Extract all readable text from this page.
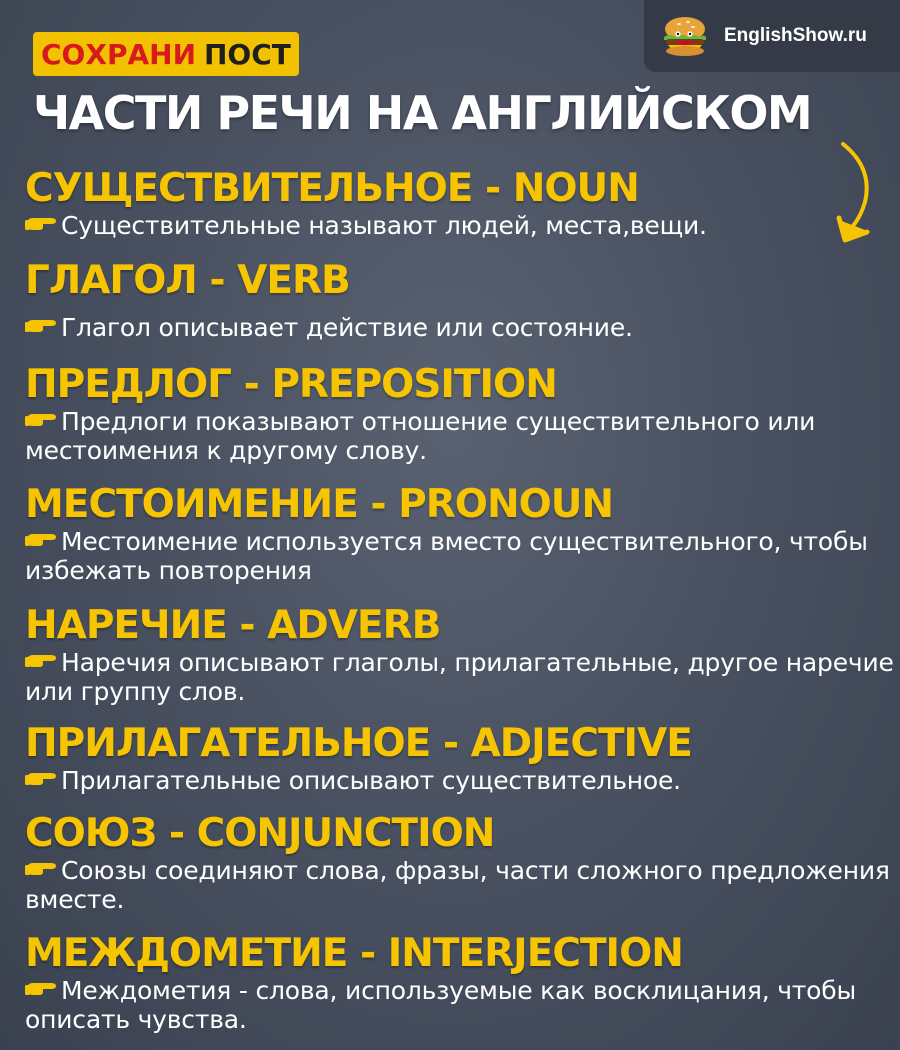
СОХРАНИ ПОСТ
EnglishShow.ru
ЧАСТИ РЕЧИ НА АНГЛИЙСКОМ
СУЩЕСТВИТЕЛЬНОЕ - NOUN
Существительные называют людей, места,вещи.
ГЛАГОЛ - VERB
Глагол описывает действие или состояние.
ПРЕДЛОГ - PREPOSITION
Предлоги показывают отношение существительного или местоимения к другому слову.
МЕСТОИМЕНИЕ - PRONOUN
Местоимение используется вместо существительного, чтобы избежать повторения
НАРЕЧИЕ - ADVERB
Наречия описывают глаголы, прилагательные, другое наречие или группу слов.
ПРИЛАГАТЕЛЬНОЕ - ADJECTIVE
Прилагательные описывают существительное.
СОЮЗ - CONJUNCTION
Союзы соединяют слова, фразы, части сложного предложения вместе.
МЕЖДОМЕТИЕ - INTERJECTION
Междометия - слова, используемые как восклицания, чтобы описать чувства.
